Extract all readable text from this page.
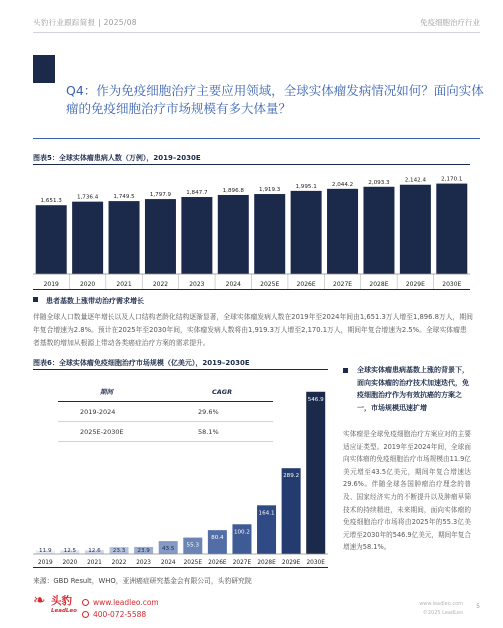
头豹行业跟踪简报 | 2025/08	免疫细胞治疗行业
Q4：作为免疫细胞治疗主要应用领域，全球实体瘤发病情况如何？面向实体瘤的免疫细胞治疗市场规模有多大体量？
图表5：全球实体瘤患病人数（万例），2019–2030E
1,651.3
2019
1,736.4
2020
1,749.5
2021
1,797.9
2022
1,847.7
2023
1,896.8
2024
1,919.3
2025E
1,995.1
2026E
2,044.2
2027E
2,093.3
2028E
2,142.4
2029E
2,170.1
2030E
患者基数上涨带动治疗需求增长
伴随全球人口数量逐年增长以及人口结构老龄化结构逐渐显著，全球实体瘤发病人数在2019年至2024年间由1,651.3万人增至1,896.8万人，期间年复合增速为2.8%。预计在2025年至2030年间，实体瘤发病人数将由1,919.3万人增至2,170.1万人，期间年复合增速为2.5%。全球实体瘤患者基数的增加从根源上带动各类癌症治疗方案的需求提升。
图表6：全球实体瘤免疫细胞治疗市场规模（亿美元），2019–2030E
11.9
2019
12.5
2020
12.6
2021
23.3
2022
23.9
2023
43.5
2024
55.3
2025E
80.4
2026E
100.2
2027E
164.1
2028E
289.2
2029E
546.9
2030E
期间	CAGR
2019-2024	29.6%
2025E-2030E	58.1%
全球实体瘤患病基数上涨的背景下，面向实体瘤的治疗技术加速迭代，免疫细胞治疗作为有效抗癌的方案之一，市场规模迅速扩增
实体瘤是全球免疫细胞治疗方案应对的主要适应证类型。2019年至2024年间，全球面向实体瘤的免疫细胞治疗市场规模由11.9亿美元增至43.5亿美元，期间年复合增速达29.6%。伴随全球各国肿瘤治疗理念的普及、国家经济实力的不断提升以及肿瘤早筛技术的持续精进，未来期间，面向实体瘤的免疫细胞治疗市场将由2025年的55.3亿美元增至2030年的546.9亿美元，期间年复合增速为58.1%。
来源：GBD Result，WHO，亚洲癌症研究基金会有限公司，头豹研究院
❧ 头豹
LeadLeo
www.leadleo.com
400-072-5588
www.leadleo.com
©2025 LeadLeo
5
